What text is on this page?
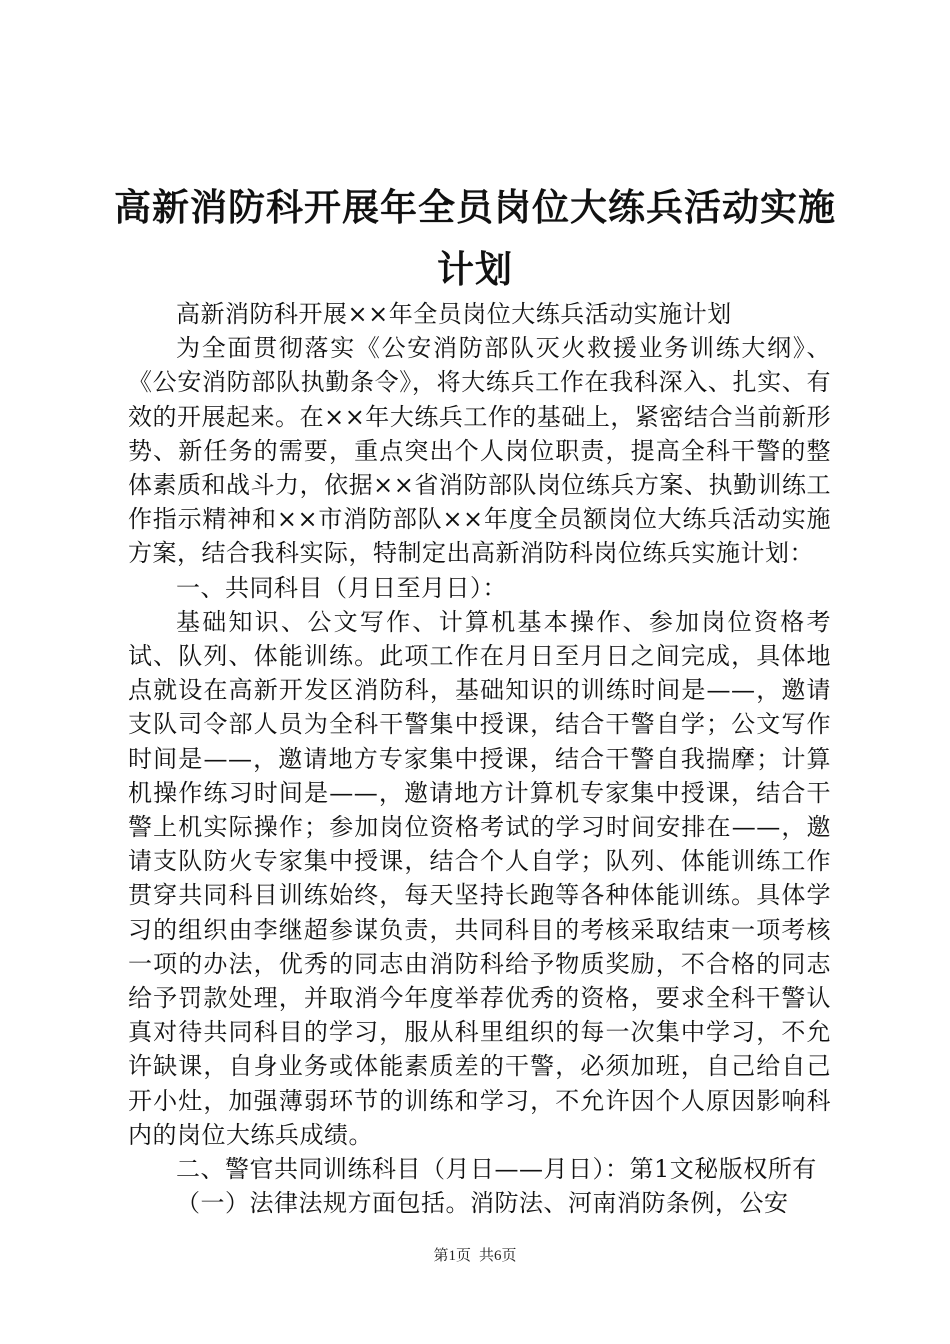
高新消防科开展年全员岗位大练兵活动实施计划

高新消防科开展××年全员岗位大练兵活动实施计划

为全面贯彻落实《公安消防部队灭火救援业务训练大纲》、《公安消防部队执勤条令》，将大练兵工作在我科深入、扎实、有效的开展起来。在××年大练兵工作的基础上，紧密结合当前新形势、新任务的需要，重点突出个人岗位职责，提高全科干警的整体素质和战斗力，依据××省消防部队岗位练兵方案、执勤训练工作指示精神和××市消防部队××年度全员额岗位大练兵活动实施方案，结合我科实际，特制定出高新消防科岗位练兵实施计划：

一、共同科目（月日至月日）：

基础知识、公文写作、计算机基本操作、参加岗位资格考试、队列、体能训练。此项工作在月日至月日之间完成，具体地点就设在高新开发区消防科，基础知识的训练时间是——，邀请支队司令部人员为全科干警集中授课，结合干警自学；公文写作时间是——，邀请地方专家集中授课，结合干警自我揣摩；计算机操作练习时间是——，邀请地方计算机专家集中授课，结合干警上机实际操作；参加岗位资格考试的学习时间安排在——，邀请支队防火专家集中授课，结合个人自学；队列、体能训练工作贯穿共同科目训练始终，每天坚持长跑等各种体能训练。具体学习的组织由李继超参谋负责，共同科目的考核采取结束一项考核一项的办法，优秀的同志由消防科给予物质奖励，不合格的同志给予罚款处理，并取消今年度举荐优秀的资格，要求全科干警认真对待共同科目的学习，服从科里组织的每一次集中学习，不允许缺课，自身业务或体能素质差的干警，必须加班，自己给自己开小灶，加强薄弱环节的训练和学习，不允许因个人原因影响科内的岗位大练兵成绩。

二、警官共同训练科目（月日——月日）：第1文秘版权所有

（一）法律法规方面包括。消防法、河南消防条例，公安

第1页 共6页
